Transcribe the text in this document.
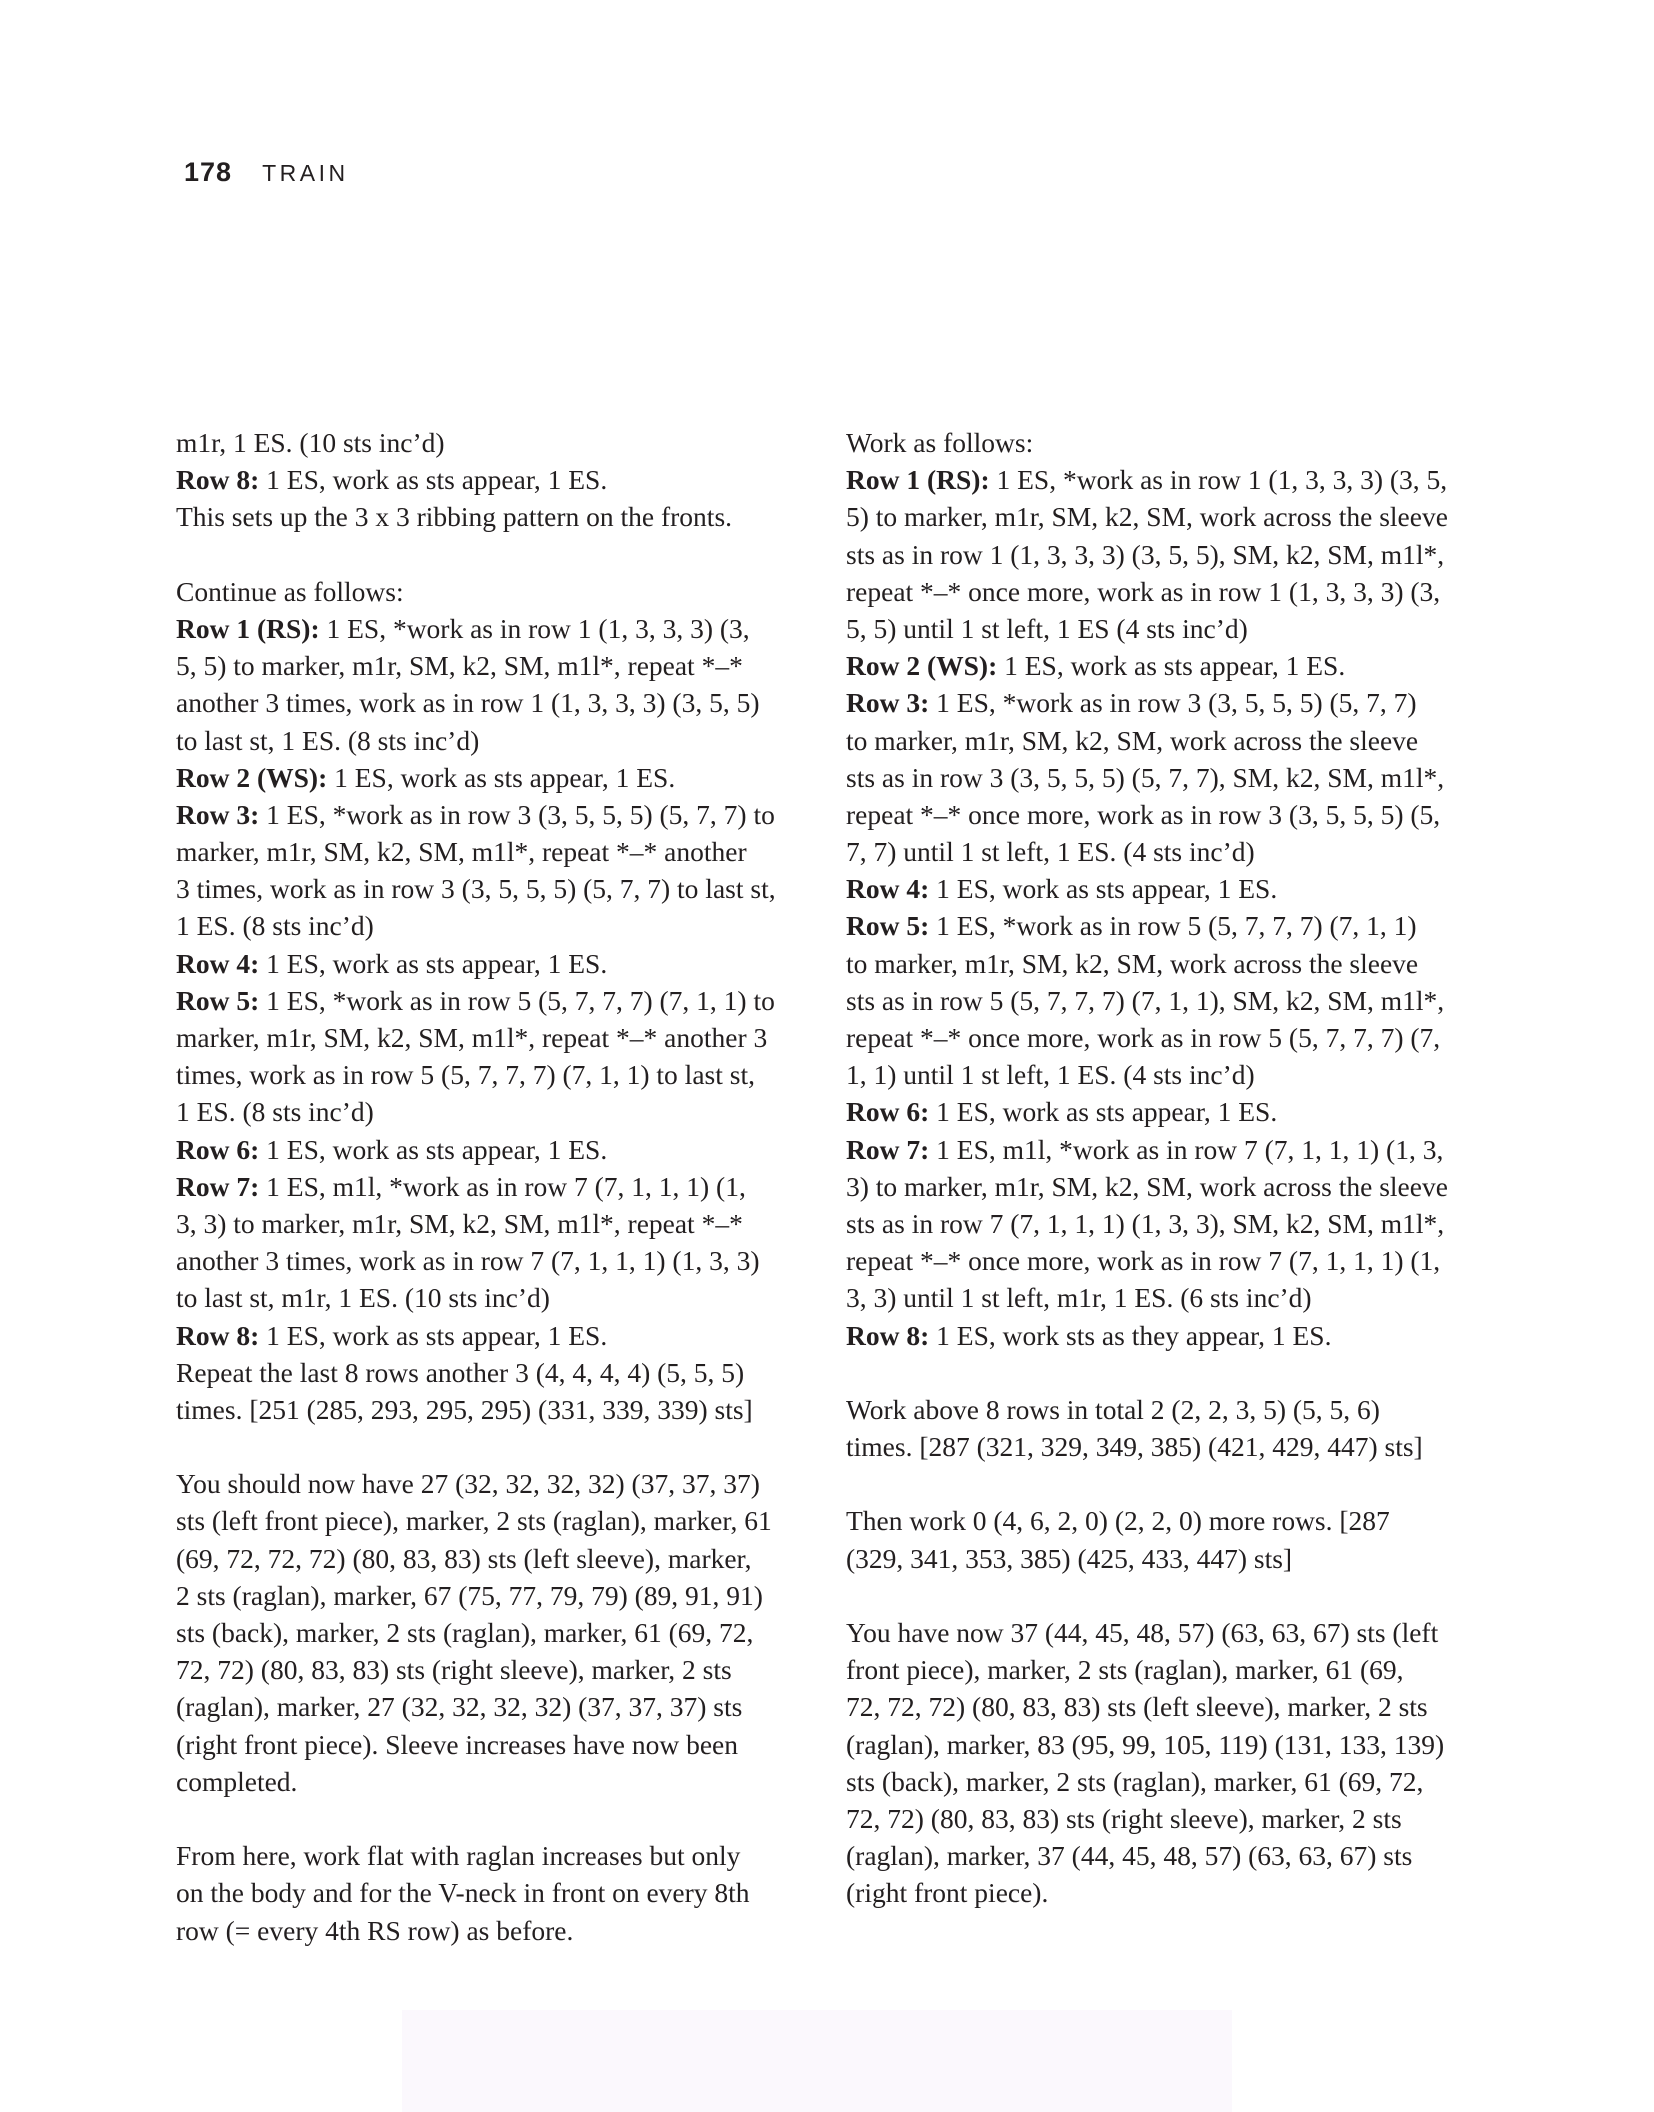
178 TRAIN
m1r, 1 ES. (10 sts inc’d)
Row 8: 1 ES, work as sts appear, 1 ES.
This sets up the 3 x 3 ribbing pattern on the fronts.
Continue as follows:
Row 1 (RS): 1 ES, *work as in row 1 (1, 3, 3, 3) (3,
5, 5) to marker, m1r, SM, k2, SM, m1l*, repeat *–*
another 3 times, work as in row 1 (1, 3, 3, 3) (3, 5, 5)
to last st, 1 ES. (8 sts inc’d)
Row 2 (WS): 1 ES, work as sts appear, 1 ES.
Row 3: 1 ES, *work as in row 3 (3, 5, 5, 5) (5, 7, 7) to
marker, m1r, SM, k2, SM, m1l*, repeat *–* another
3 times, work as in row 3 (3, 5, 5, 5) (5, 7, 7) to last st,
1 ES. (8 sts inc’d)
Row 4: 1 ES, work as sts appear, 1 ES.
Row 5: 1 ES, *work as in row 5 (5, 7, 7, 7) (7, 1, 1) to
marker, m1r, SM, k2, SM, m1l*, repeat *–* another 3
times, work as in row 5 (5, 7, 7, 7) (7, 1, 1) to last st,
1 ES. (8 sts inc’d)
Row 6: 1 ES, work as sts appear, 1 ES.
Row 7: 1 ES, m1l, *work as in row 7 (7, 1, 1, 1) (1,
3, 3) to marker, m1r, SM, k2, SM, m1l*, repeat *–*
another 3 times, work as in row 7 (7, 1, 1, 1) (1, 3, 3)
to last st, m1r, 1 ES. (10 sts inc’d)
Row 8: 1 ES, work as sts appear, 1 ES.
Repeat the last 8 rows another 3 (4, 4, 4, 4) (5, 5, 5)
times. [251 (285, 293, 295, 295) (331, 339, 339) sts]
You should now have 27 (32, 32, 32, 32) (37, 37, 37)
sts (left front piece), marker, 2 sts (raglan), marker, 61
(69, 72, 72, 72) (80, 83, 83) sts (left sleeve), marker,
2 sts (raglan), marker, 67 (75, 77, 79, 79) (89, 91, 91)
sts (back), marker, 2 sts (raglan), marker, 61 (69, 72,
72, 72) (80, 83, 83) sts (right sleeve), marker, 2 sts
(raglan), marker, 27 (32, 32, 32, 32) (37, 37, 37) sts
(right front piece). Sleeve increases have now been
completed.
From here, work flat with raglan increases but only
on the body and for the V-neck in front on every 8th
row (= every 4th RS row) as before.
Work as follows:
Row 1 (RS): 1 ES, *work as in row 1 (1, 3, 3, 3) (3, 5,
5) to marker, m1r, SM, k2, SM, work across the sleeve
sts as in row 1 (1, 3, 3, 3) (3, 5, 5), SM, k2, SM, m1l*,
repeat *–* once more, work as in row 1 (1, 3, 3, 3) (3,
5, 5) until 1 st left, 1 ES (4 sts inc’d)
Row 2 (WS): 1 ES, work as sts appear, 1 ES.
Row 3: 1 ES, *work as in row 3 (3, 5, 5, 5) (5, 7, 7)
to marker, m1r, SM, k2, SM, work across the sleeve
sts as in row 3 (3, 5, 5, 5) (5, 7, 7), SM, k2, SM, m1l*,
repeat *–* once more, work as in row 3 (3, 5, 5, 5) (5,
7, 7) until 1 st left, 1 ES. (4 sts inc’d)
Row 4: 1 ES, work as sts appear, 1 ES.
Row 5: 1 ES, *work as in row 5 (5, 7, 7, 7) (7, 1, 1)
to marker, m1r, SM, k2, SM, work across the sleeve
sts as in row 5 (5, 7, 7, 7) (7, 1, 1), SM, k2, SM, m1l*,
repeat *–* once more, work as in row 5 (5, 7, 7, 7) (7,
1, 1) until 1 st left, 1 ES. (4 sts inc’d)
Row 6: 1 ES, work as sts appear, 1 ES.
Row 7: 1 ES, m1l, *work as in row 7 (7, 1, 1, 1) (1, 3,
3) to marker, m1r, SM, k2, SM, work across the sleeve
sts as in row 7 (7, 1, 1, 1) (1, 3, 3), SM, k2, SM, m1l*,
repeat *–* once more, work as in row 7 (7, 1, 1, 1) (1,
3, 3) until 1 st left, m1r, 1 ES. (6 sts inc’d)
Row 8: 1 ES, work sts as they appear, 1 ES.
Work above 8 rows in total 2 (2, 2, 3, 5) (5, 5, 6)
times. [287 (321, 329, 349, 385) (421, 429, 447) sts]
Then work 0 (4, 6, 2, 0) (2, 2, 0) more rows. [287
(329, 341, 353, 385) (425, 433, 447) sts]
You have now 37 (44, 45, 48, 57) (63, 63, 67) sts (left
front piece), marker, 2 sts (raglan), marker, 61 (69,
72, 72, 72) (80, 83, 83) sts (left sleeve), marker, 2 sts
(raglan), marker, 83 (95, 99, 105, 119) (131, 133, 139)
sts (back), marker, 2 sts (raglan), marker, 61 (69, 72,
72, 72) (80, 83, 83) sts (right sleeve), marker, 2 sts
(raglan), marker, 37 (44, 45, 48, 57) (63, 63, 67) sts
(right front piece).
